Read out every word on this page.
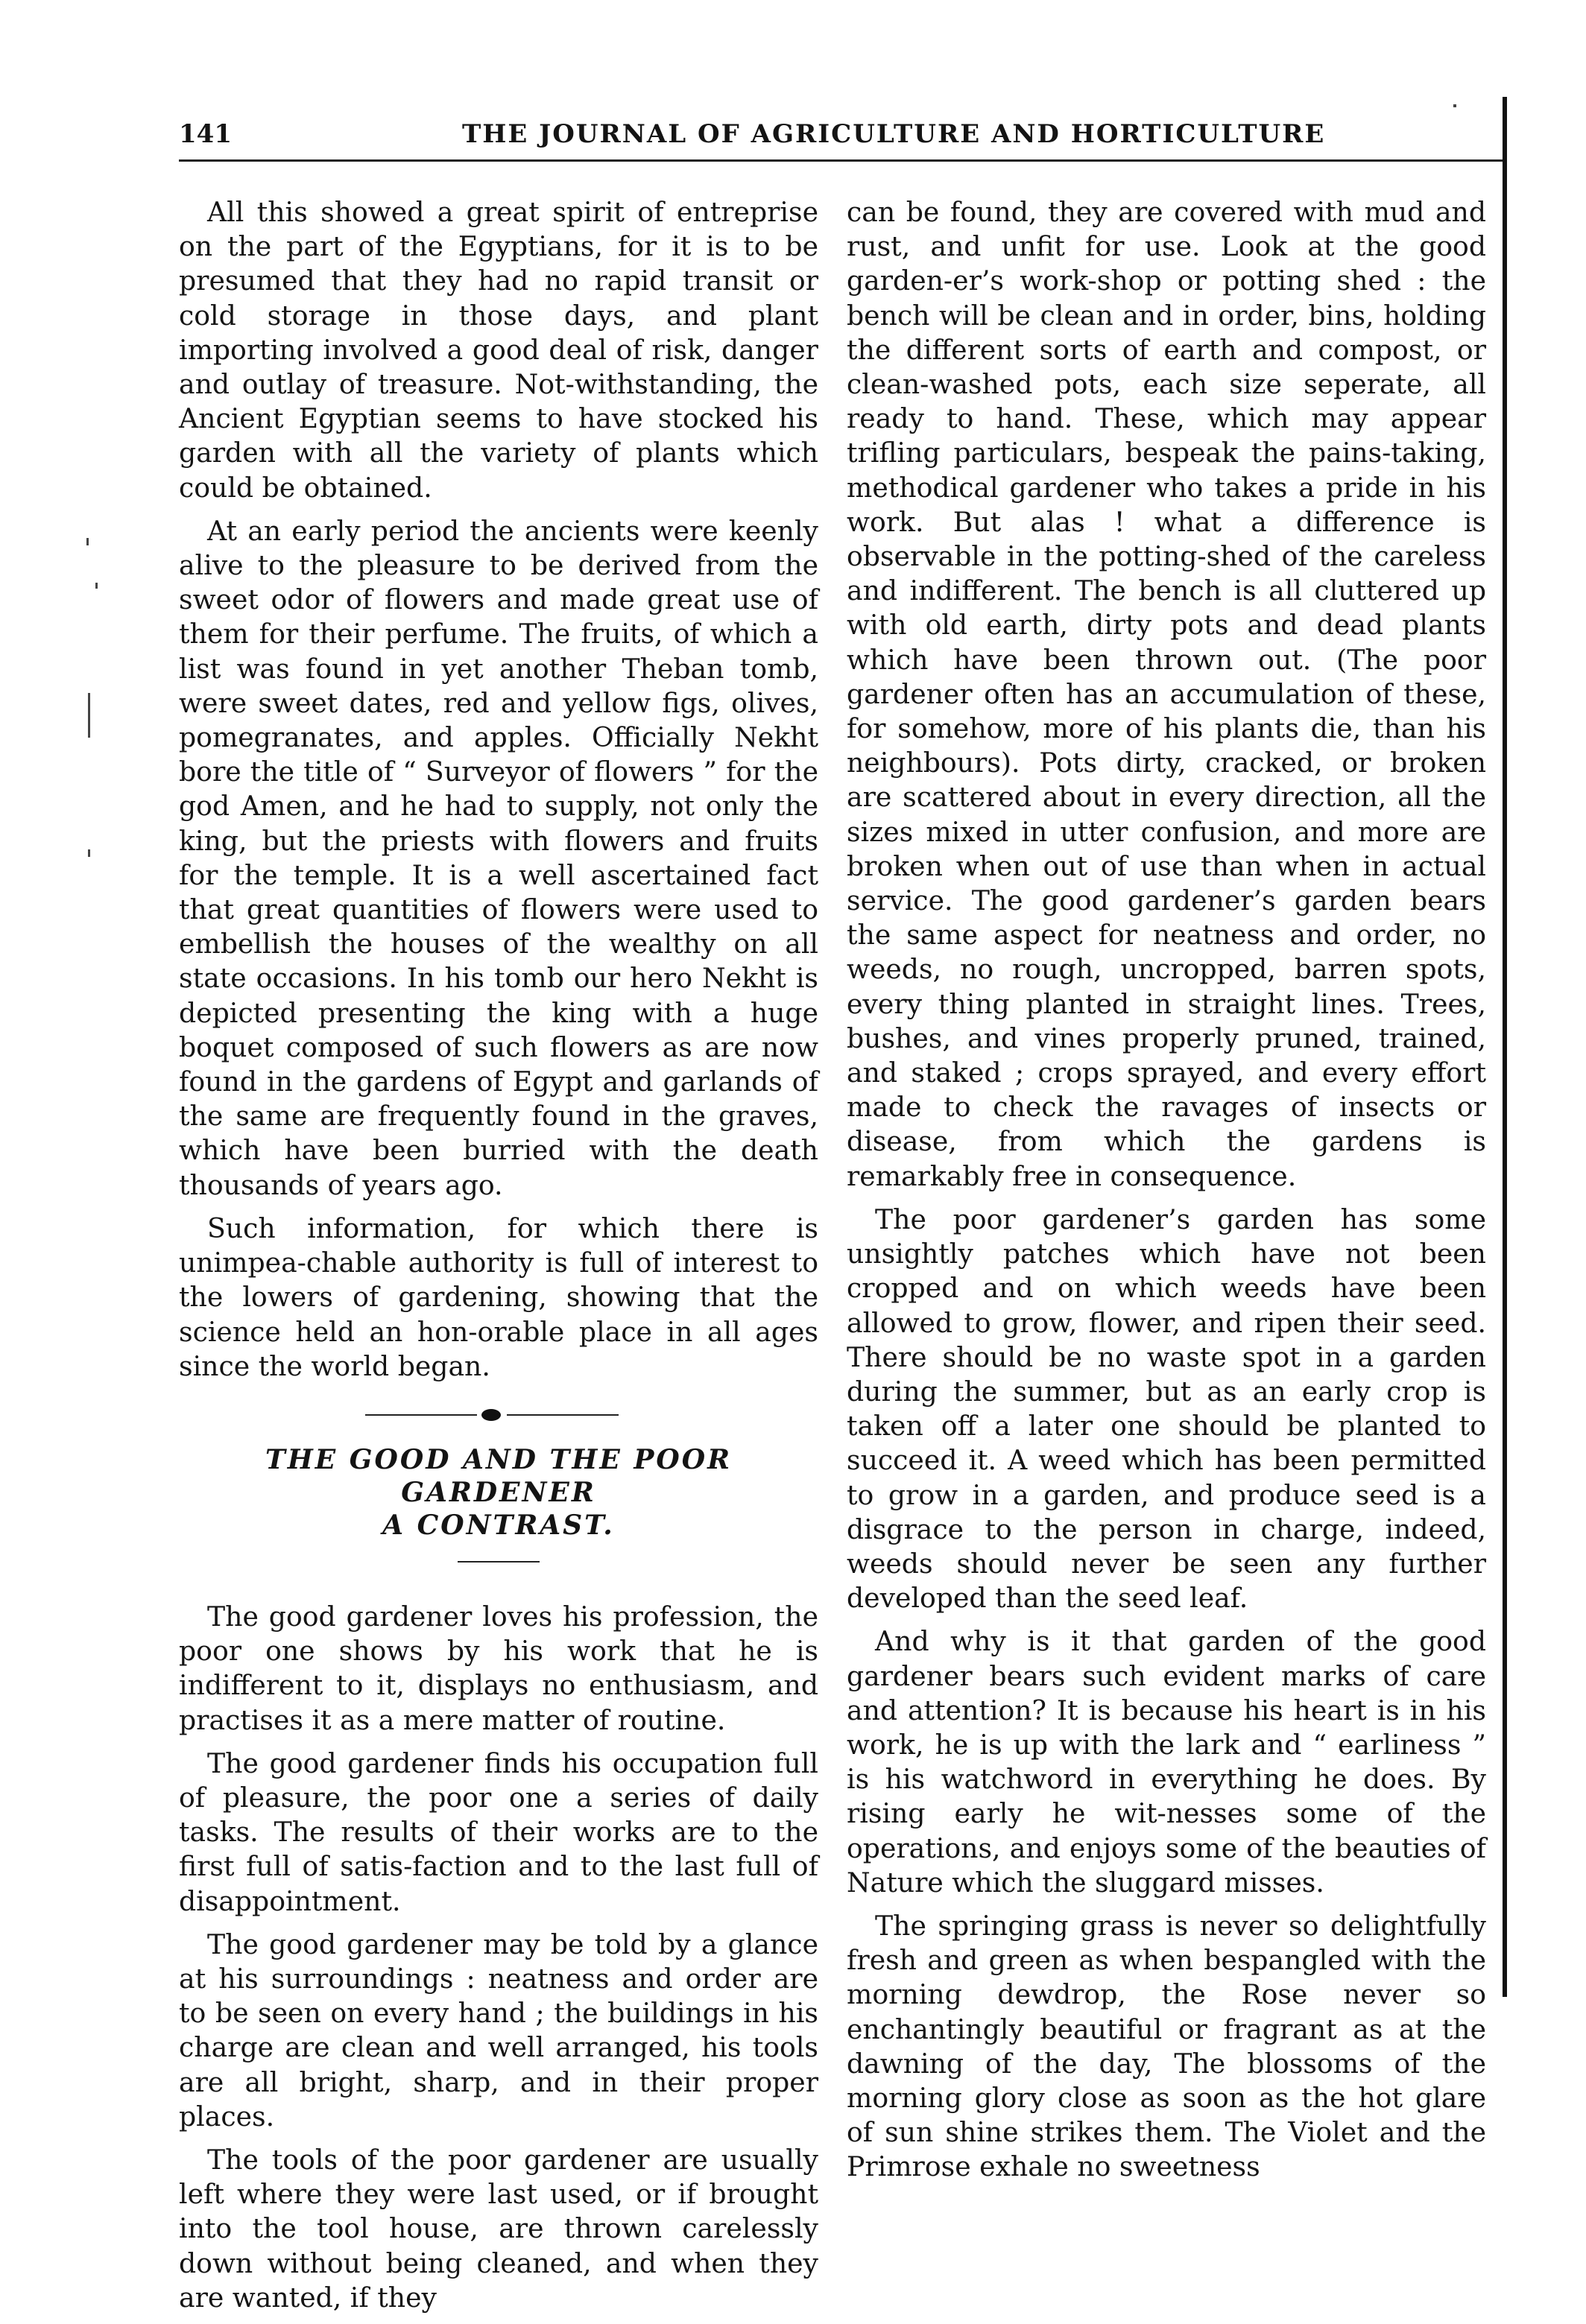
141	THE JOURNAL OF AGRICULTURE AND HORTICULTURE

All this showed a great spirit of entreprise on the part of the Egyptians, for it is to be presumed that they had no rapid transit or cold storage in those days, and plant importing involved a good deal of risk, danger and outlay of treasure. Not-withstanding, the Ancient Egyptian seems to have stocked his garden with all the variety of plants which could be obtained.

At an early period the ancients were keenly alive to the pleasure to be derived from the sweet odor of flowers and made great use of them for their perfume. The fruits, of which a list was found in yet another Theban tomb, were sweet dates, red and yellow figs, olives, pomegranates, and apples. Officially Nekht bore the title of “ Surveyor of flowers ” for the god Amen, and he had to supply, not only the king, but the priests with flowers and fruits for the temple. It is a well ascertained fact that great quantities of flowers were used to embellish the houses of the wealthy on all state occasions. In his tomb our hero Nekht is depicted presenting the king with a huge boquet composed of such flowers as are now found in the gardens of Egypt and garlands of the same are frequently found in the graves, which have been burried with the death thousands of years ago.

Such information, for which there is unimpea-chable authority is full of interest to the lowers of gardening, showing that the science held an hon-orable place in all ages since the world began.

THE GOOD AND THE POOR GARDENER
A CONTRAST.

The good gardener loves his profession, the poor one shows by his work that he is indifferent to it, displays no enthusiasm, and practises it as a mere matter of routine.

The good gardener finds his occupation full of pleasure, the poor one a series of daily tasks. The results of their works are to the first full of satis-faction and to the last full of disappointment.

The good gardener may be told by a glance at his surroundings : neatness and order are to be seen on every hand ; the buildings in his charge are clean and well arranged, his tools are all bright, sharp, and in their proper places.

The tools of the poor gardener are usually left where they were last used, or if brought into the tool house, are thrown carelessly down without being cleaned, and when they are wanted, if they

can be found, they are covered with mud and rust, and unfit for use. Look at the good garden-er’s work-shop or potting shed : the bench will be clean and in order, bins, holding the different sorts of earth and compost, or clean-washed pots, each size seperate, all ready to hand. These, which may appear trifling particulars, bespeak the pains-taking, methodical gardener who takes a pride in his work. But alas ! what a difference is observable in the potting-shed of the careless and indifferent. The bench is all cluttered up with old earth, dirty pots and dead plants which have been thrown out. (The poor gardener often has an accumulation of these, for somehow, more of his plants die, than his neighbours). Pots dirty, cracked, or broken are scattered about in every direction, all the sizes mixed in utter confusion, and more are broken when out of use than when in actual service. The good gardener’s garden bears the same aspect for neatness and order, no weeds, no rough, uncropped, barren spots, every thing planted in straight lines. Trees, bushes, and vines properly pruned, trained, and staked ; crops sprayed, and every effort made to check the ravages of insects or disease, from which the gardens is remarkably free in consequence.

The poor gardener’s garden has some unsightly patches which have not been cropped and on which weeds have been allowed to grow, flower, and ripen their seed. There should be no waste spot in a garden during the summer, but as an early crop is taken off a later one should be planted to succeed it. A weed which has been permitted to grow in a garden, and produce seed is a disgrace to the person in charge, indeed, weeds should never be seen any further developed than the seed leaf.

And why is it that garden of the good gardener bears such evident marks of care and attention? It is because his heart is in his work, he is up with the lark and “ earliness ” is his watchword in everything he does. By rising early he wit-nesses some of the operations, and enjoys some of the beauties of Nature which the sluggard misses.

The springing grass is never so delightfully fresh and green as when bespangled with the morning dewdrop, the Rose never so enchantingly beautiful or fragrant as at the dawning of the day, The blossoms of the morning glory close as soon as the hot glare of sun shine strikes them. The Violet and the Primrose exhale no sweetness
